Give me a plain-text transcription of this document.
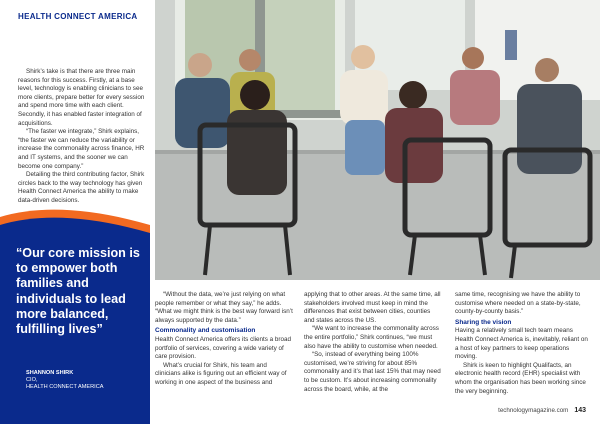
HEALTH CONNECT AMERICA

Shirk’s take is that there are three main reasons for this success. Firstly, at a base level, technology is enabling clinicians to see more clients, prepare better for every session and spend more time with each client. Secondly, it has enabled faster integration of acquisitions.

“The faster we integrate,” Shirk explains, “the faster we can reduce the variability or increase the commonality across finance, HR and IT systems, and the sooner we can become one company.”

Detailing the third contributing factor, Shirk circles back to the way technology has given Health Connect America the ability to make data-driven decisions.

“Our core mission is to empower both families and individuals to lead more balanced, fulfilling lives”
SHANNON SHIRK
CIO,
HEALTH CONNECT AMERICA

“Without the data, we’re just relying on what people remember or what they say,” he adds. “What we might think is the best way forward isn’t always supported by the data.”

Commonality and customisation

Health Connect America offers its clients a broad portfolio of services, covering a wide variety of care provision.

What’s crucial for Shirk, his team and clinicians alike is figuring out an efficient way of working in one aspect of the business and

applying that to other areas. At the same time, all stakeholders involved must keep in mind the differences that exist between cities, counties and states across the US.

“We want to increase the commonality across the entire portfolio,” Shirk continues, “we must also have the ability to customise when needed.

“So, instead of everything being 100% customised, we’re striving for about 85% commonality and it’s that last 15% that may need to be custom. It’s about increasing commonality across the board, while, at the

same time, recognising we have the ability to customise where needed on a state-by-state, county-by-county basis.”

Sharing the vision

Having a relatively small tech team means Health Connect America is, inevitably, reliant on a host of key partners to keep operations moving.

Shirk is keen to highlight Qualifacts, an electronic health record (EHR) specialist with whom the organisation has been working since the very beginning.

technologymagazine.com 143
